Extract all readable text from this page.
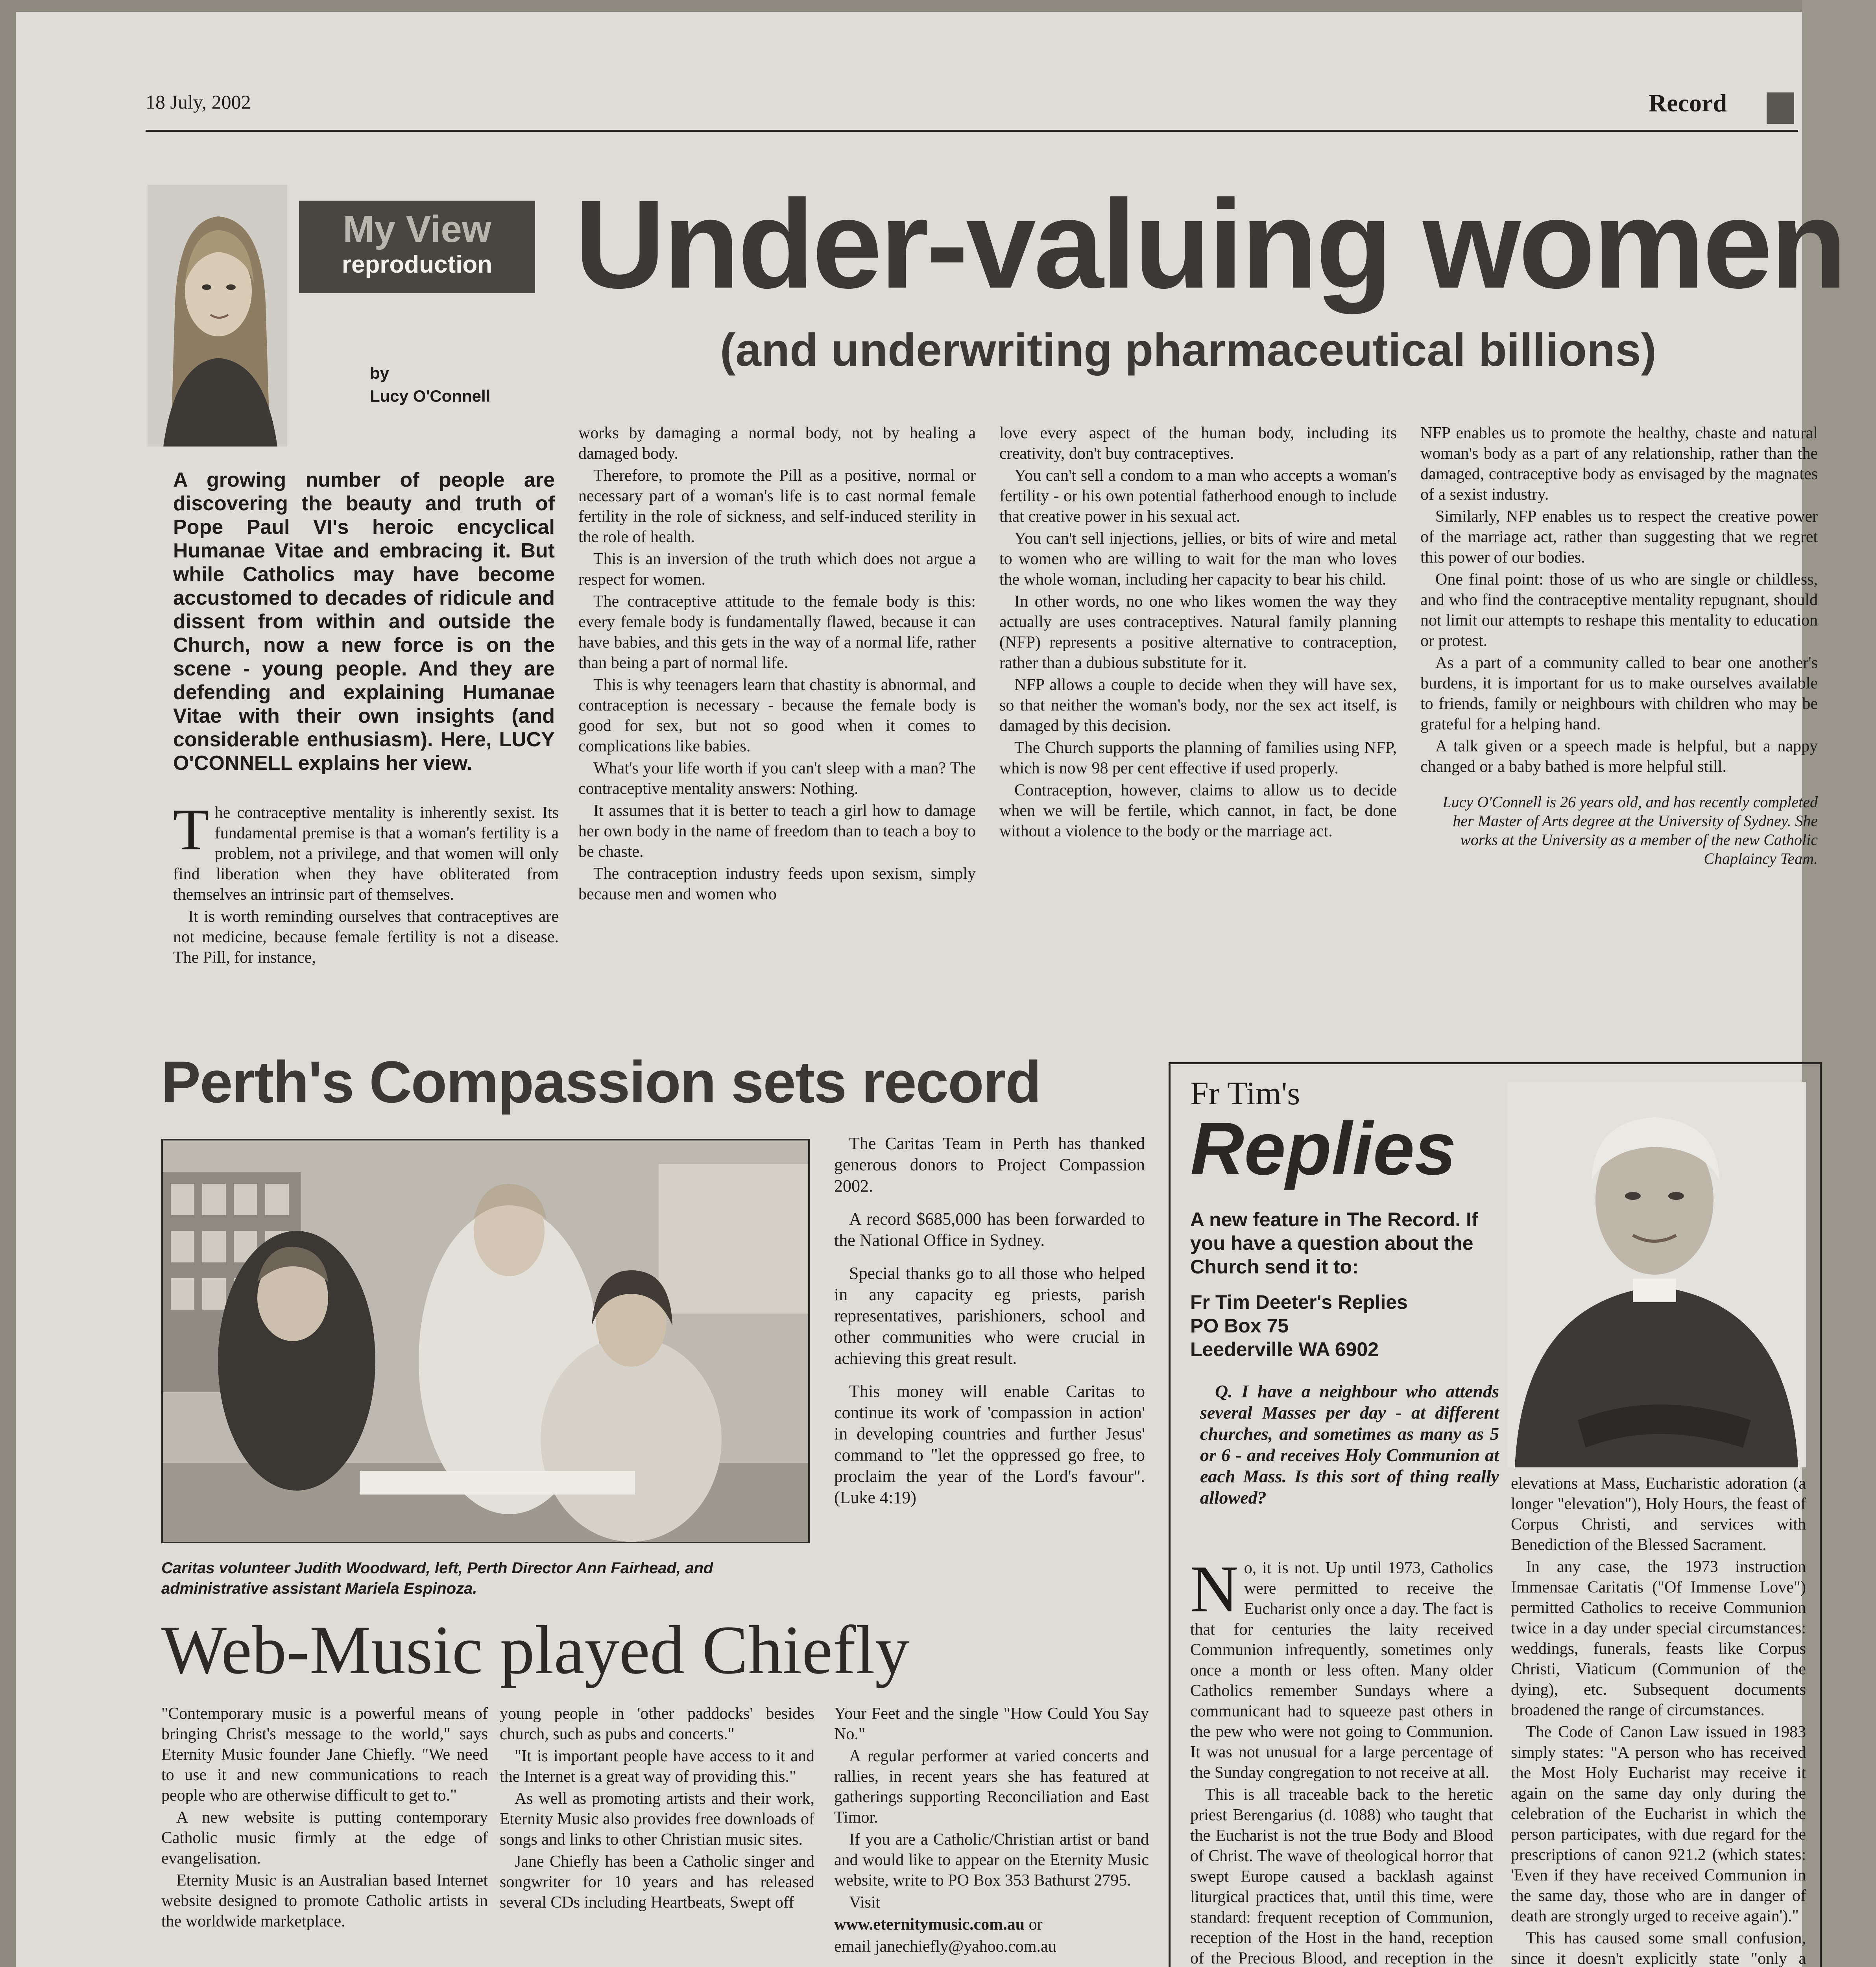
18 July, 2002	Record
My View
reproduction Under-valuing women
(and underwriting pharmaceutical billions)
by
Lucy O'Connell
A growing number of people are discovering the beauty and truth of Pope Paul VI's heroic encyclical Humanae Vitae and embracing it. But while Catholics may have become accustomed to decades of ridicule and dissent from within and outside the Church, now a new force is on the scene - young people. And they are defending and explaining Humanae Vitae with their own insights (and considerable enthusiasm). Here, LUCY O'CONNELL explains her view.
T he contraceptive mentality is inherently sexist. Its fundamental premise is that a woman's fertility is a problem, not a privilege, and that women will only find liberation when they have obliterated from themselves an intrinsic part of themselves.

It is worth reminding ourselves that contraceptives are not medicine, because female fertility is not a disease. The Pill, for instance,

works by damaging a normal body, not by healing a damaged body.

Therefore, to promote the Pill as a positive, normal or necessary part of a woman's life is to cast normal female fertility in the role of sickness, and self-induced sterility in the role of health.

This is an inversion of the truth which does not argue a respect for women.

The contraceptive attitude to the female body is this: every female body is fundamentally flawed, because it can have babies, and this gets in the way of a normal life, rather than being a part of normal life.

This is why teenagers learn that chastity is abnormal, and contraception is necessary - because the female body is good for sex, but not so good when it comes to complications like babies.

What's your life worth if you can't sleep with a man? The contraceptive mentality answers: Nothing.

It assumes that it is better to teach a girl how to damage her own body in the name of freedom than to teach a boy to be chaste.

The contraception industry feeds upon sexism, simply because men and women who

love every aspect of the human body, including its creativity, don't buy contraceptives.

You can't sell a condom to a man who accepts a woman's fertility - or his own potential fatherhood enough to include that creative power in his sexual act.

You can't sell injections, jellies, or bits of wire and metal to women who are willing to wait for the man who loves the whole woman, including her capacity to bear his child.

In other words, no one who likes women the way they actually are uses contraceptives. Natural family planning (NFP) represents a positive alternative to contraception, rather than a dubious substitute for it.

NFP allows a couple to decide when they will have sex, so that neither the woman's body, nor the sex act itself, is damaged by this decision.

The Church supports the planning of families using NFP, which is now 98 per cent effective if used properly.

Contraception, however, claims to allow us to decide when we will be fertile, which cannot, in fact, be done without a violence to the body or the marriage act.

NFP enables us to promote the healthy, chaste and natural woman's body as a part of any relationship, rather than the damaged, contraceptive body as envisaged by the magnates of a sexist industry.

Similarly, NFP enables us to respect the creative power of the marriage act, rather than suggesting that we regret this power of our bodies.

One final point: those of us who are single or childless, and who find the contraceptive mentality repugnant, should not limit our attempts to reshape this mentality to education or protest.

As a part of a community called to bear one another's burdens, it is important for us to make ourselves available to friends, family or neighbours with children who may be grateful for a helping hand.

A talk given or a speech made is helpful, but a nappy changed or a baby bathed is more helpful still.

Lucy O'Connell is 26 years old, and has recently completed her Master of Arts degree at the University of Sydney. She works at the University as a member of the new Catholic Chaplaincy Team.

Perth's Compassion sets record
Caritas volunteer Judith Woodward, left, Perth Director Ann Fairhead, and administrative assistant Mariela Espinoza.

The Caritas Team in Perth has thanked generous donors to Project Compassion 2002.

A record $685,000 has been forwarded to the National Office in Sydney.

Special thanks go to all those who helped in any capacity eg priests, parish representatives, parishioners, school and other communities who were crucial in achieving this great result.

This money will enable Caritas to continue its work of 'compassion in action' in developing countries and further Jesus' command to "let the oppressed go free, to proclaim the year of the Lord's favour". (Luke 4:19)

Web-Music played Chiefly

"Contemporary music is a powerful means of bringing Christ's message to the world," says Eternity Music founder Jane Chiefly. "We need to use it and new communications to reach people who are otherwise difficult to get to."

A new website is putting contemporary Catholic music firmly at the edge of evangelisation.

Eternity Music is an Australian based Internet website designed to promote Catholic artists in the worldwide marketplace.

young people in 'other paddocks' besides church, such as pubs and concerts."

"It is important people have access to it and the Internet is a great way of providing this."

As well as promoting artists and their work, Eternity Music also provides free downloads of songs and links to other Christian music sites.

Jane Chiefly has been a Catholic singer and songwriter for 10 years and has released several CDs including Heartbeats, Swept off

Your Feet and the single "How Could You Say No."

A regular performer at varied concerts and rallies, in recent years she has featured at gatherings supporting Reconciliation and East Timor.

If you are a Catholic/Christian artist or band and would like to appear on the Eternity Music website, write to PO Box 353 Bathurst 2795.

Visit

www.eternitymusic.com.au or

email janechiefly@yahoo.com.au

Fr Tim's
Replies
A new feature in The Record. If you have a question about the Church send it to:
Fr Tim Deeter's Replies
PO Box 75
Leederville WA 6902
Q. I have a neighbour who attends several Masses per day - at different churches, and sometimes as many as 5 or 6 - and receives Holy Communion at each Mass. Is this sort of thing really allowed?
N o, it is not. Up until 1973, Catholics were permitted to receive the Eucharist only once a day. The fact is that for centuries the laity received Communion infrequently, sometimes only once a month or less often. Many older Catholics remember Sundays where a communicant had to squeeze past others in the pew who were not going to Communion. It was not unusual for a large percentage of the Sunday congregation to not receive at all.

This is all traceable back to the heretic priest Berengarius (d. 1088) who taught that the Eucharist is not the true Body and Blood of Christ. The wave of theological horror that swept Europe caused a backlash against liturgical practices that, until this time, were standard: frequent reception of Communion, reception of the Host in the hand, reception of the Precious Blood, and reception in the

elevations at Mass, Eucharistic adoration (a longer "elevation"), Holy Hours, the feast of Corpus Christi, and services with Benediction of the Blessed Sacrament.

In any case, the 1973 instruction Immensae Caritatis ("Of Immense Love") permitted Catholics to receive Communion twice in a day under special circumstances: weddings, funerals, feasts like Corpus Christi, Viaticum (Communion of the dying), etc. Subsequent documents broadened the range of circumstances.

The Code of Canon Law issued in 1983 simply states: "A person who has received the Most Holy Eucharist may receive it again on the same day only during the celebration of the Eucharist in which the person participates, with due regard for the prescriptions of canon 921.2 (which states: 'Even if they have received Communion in the same day, those who are in danger of death are strongly urged to receive again')."

This has caused some small confusion, since it doesn't explicitly state "only a
